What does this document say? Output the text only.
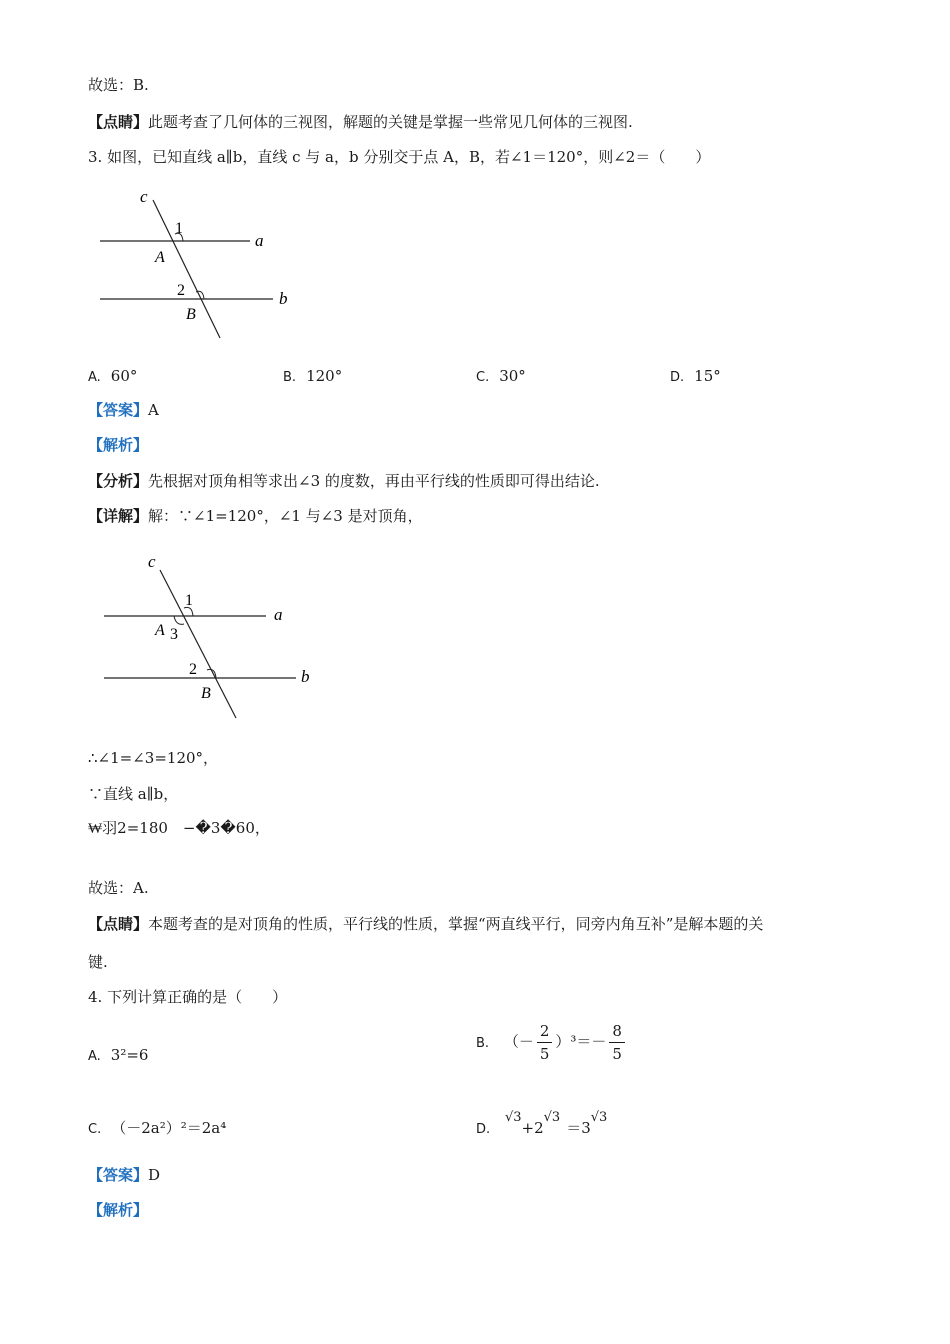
故选：B.
【点睛】此题考查了几何体的三视图，解题的关键是掌握一些常见几何体的三视图.
3. 如图，已知直线 a∥b，直线 c 与 a，b 分别交于点 A，B，若∠1＝120°，则∠2＝（　　）
c
1
a
A
2	b
B
A. 60°	B. 120°	C. 30°	D. 15°
【答案】A
【解析】
【分析】先根据对顶角相等求出∠3 的度数，再由平行线的性质即可得出结论.
【详解】解：∵∠1=120°，∠1 与∠3 是对顶角，
c
1
a
A 3
2	b
B
∴∠1=∠3=120°，
∵直线 a∥b，
₩羽2=180　−�3�60，
故选：A.
【点睛】本题考查的是对顶角的性质，平行线的性质，掌握“两直线平行，同旁内角互补”是解本题的关
键.
4. 下列计算正确的是（　　）
A. 3²=6
B. （－ $\frac{2}{5} )^3=- \frac{8}{5}$
C. （－2a²）²＝2a⁴	D. √3+2√3＝3√3
【答案】D
【解析】
